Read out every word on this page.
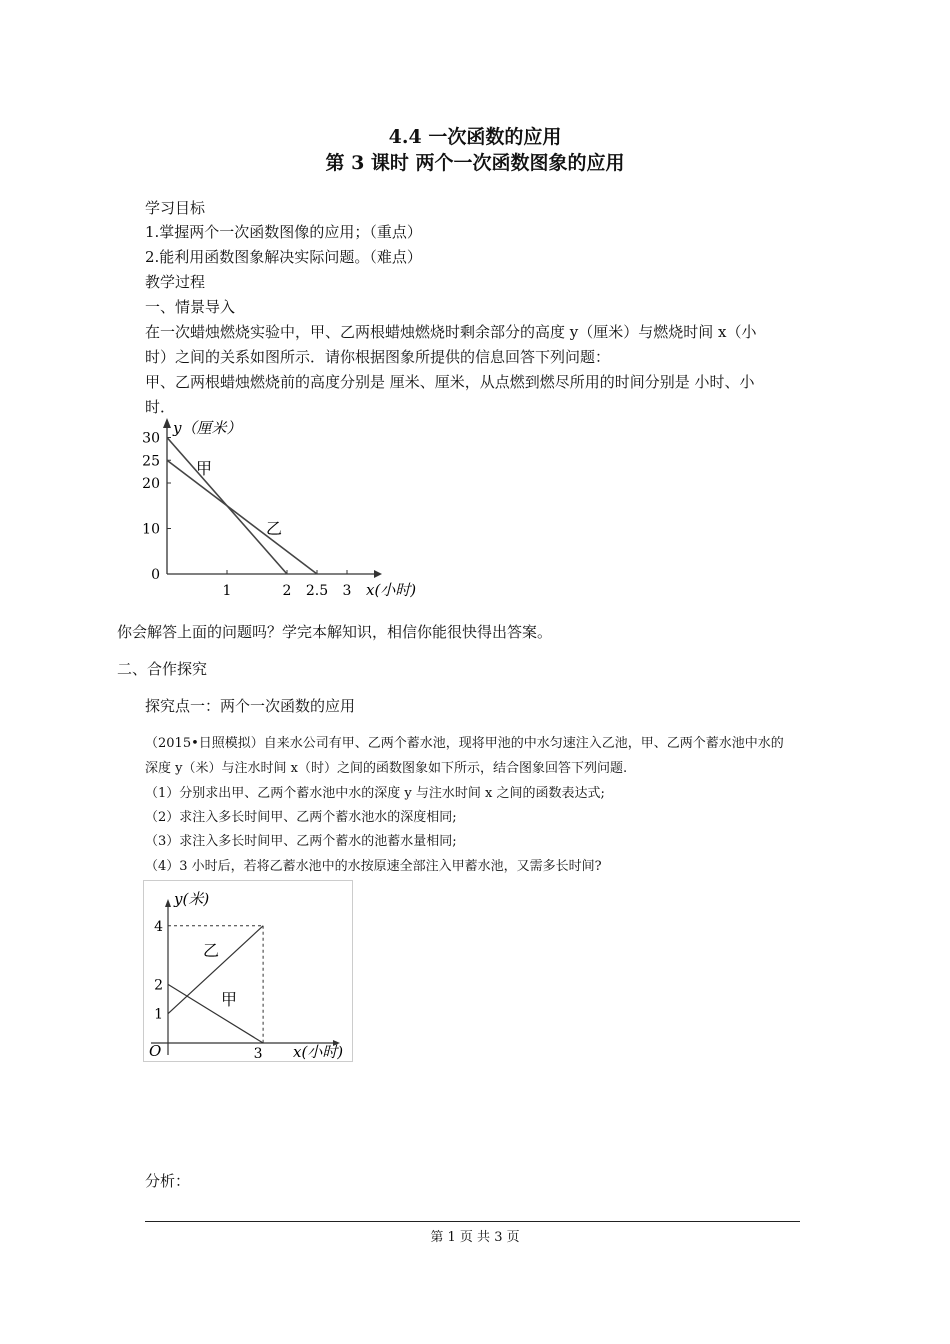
4.4 一次函数的应用
第 3 课时 两个一次函数图象的应用
学习目标
1.掌握两个一次函数图像的应用；（重点）
2.能利用函数图象解决实际问题。（难点）
教学过程
一、情景导入
在一次蜡烛燃烧实验中，甲、乙两根蜡烛燃烧时剩余部分的高度 y（厘米）与燃烧时间 x（小
时）之间的关系如图所示．请你根据图象所提供的信息回答下列问题：
甲、乙两根蜡烛燃烧前的高度分别是 厘米、厘米，从点燃到燃尽所用的时间分别是 小时、小
时．
1	2 2.5 3
0
10
20
25
30
y（厘米）
x(小时)
甲
乙
你会解答上面的问题吗？学完本解知识，相信你能很快得出答案。
二、合作探究
探究点一：两个一次函数的应用
（2015•日照模拟）自来水公司有甲、乙两个蓄水池，现将甲池的中水匀速注入乙池，甲、乙两个蓄水池中水的
深度 y（米）与注水时间 x（时）之间的函数图象如下所示，结合图象回答下列问题.
（1）分别求出甲、乙两个蓄水池中水的深度 y 与注水时间 x 之间的函数表达式;
（2）求注入多长时间甲、乙两个蓄水池水的深度相同;
（3）求注入多长时间甲、乙两个蓄水的池蓄水量相同;
（4）3 小时后，若将乙蓄水池中的水按原速全部注入甲蓄水池，又需多长时间?
y(米)
x(小时)
O
1
2
4
3
乙
甲
分析：
第 1 页 共 3 页
